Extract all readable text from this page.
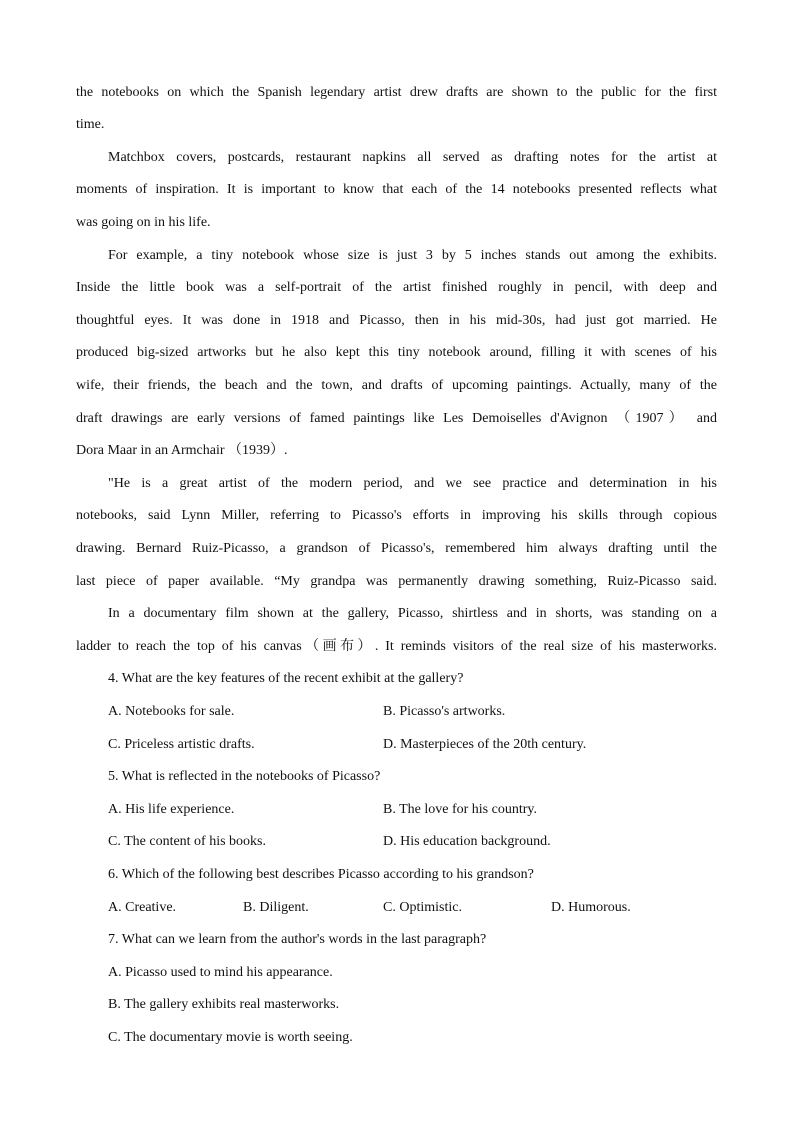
the notebooks on which the Spanish legendary artist drew drafts are shown to the public for the first
time.
Matchbox covers, postcards, restaurant napkins all served as drafting notes for the artist at
moments of inspiration. It is important to know that each of the 14 notebooks presented reflects what
was going on in his life.
For example, a tiny notebook whose size is just 3 by 5 inches stands out among the exhibits.
Inside the little book was a self-portrait of the artist finished roughly in pencil, with deep and
thoughtful eyes. It was done in 1918 and Picasso, then in his mid-30s, had just got married. He
produced big-sized artworks but he also kept this tiny notebook around, filling it with scenes of his
wife, their friends, the beach and the town, and drafts of upcoming paintings. Actually, many of the
draft drawings are early versions of famed paintings like Les Demoiselles d'Avignon （1907） and
Dora Maar in an Armchair （1939）.
"He is a great artist of the modern period, and we see practice and determination in his
notebooks, said Lynn Miller, referring to Picasso's efforts in improving his skills through copious
drawing. Bernard Ruiz-Picasso, a grandson of Picasso's, remembered him always drafting until the
last piece of paper available. “My grandpa was permanently drawing something, Ruiz-Picasso said.
In a documentary film shown at the gallery, Picasso, shirtless and in shorts, was standing on a
ladder to reach the top of his canvas（画布）. It reminds visitors of the real size of his masterworks.
4. What are the key features of the recent exhibit at the gallery?
A. Notebooks for sale.	B. Picasso's artworks.
C. Priceless artistic drafts.	D. Masterpieces of the 20th century.
5. What is reflected in the notebooks of Picasso?
A. His life experience.	B. The love for his country.
C. The content of his books.	D. His education background.
6. Which of the following best describes Picasso according to his grandson?
A. Creative.	B. Diligent.	C. Optimistic.	D. Humorous.
7. What can we learn from the author's words in the last paragraph?
A. Picasso used to mind his appearance.
B. The gallery exhibits real masterworks.
C. The documentary movie is worth seeing.
